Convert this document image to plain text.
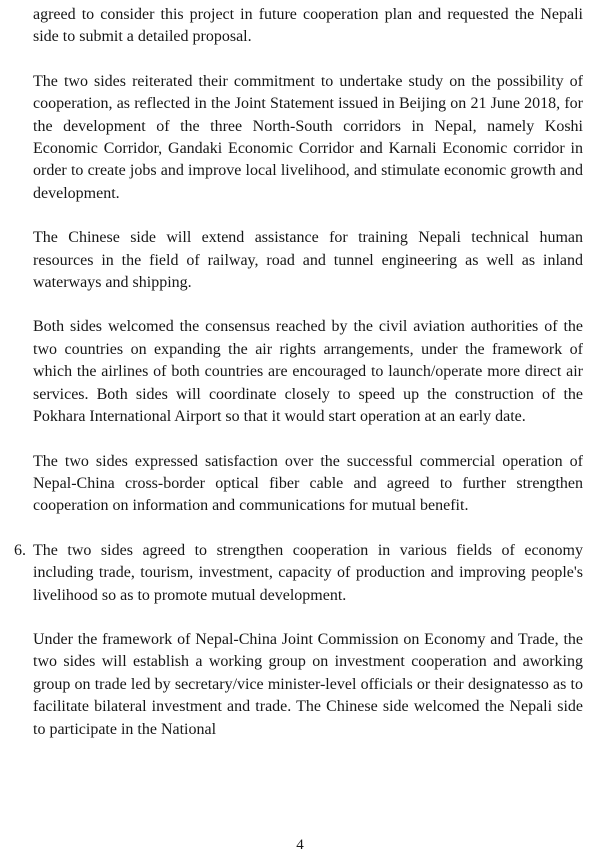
agreed to consider this project in future cooperation plan and requested the Nepali side to submit a detailed proposal.

The two sides reiterated their commitment to undertake study on the possibility of cooperation, as reflected in the Joint Statement issued in Beijing on 21 June 2018, for the development of the three North-South corridors in Nepal, namely Koshi Economic Corridor, Gandaki Economic Corridor and Karnali Economic corridor in order to create jobs and improve local livelihood, and stimulate economic growth and development.

The Chinese side will extend assistance for training Nepali technical human resources in the field of railway, road and tunnel engineering as well as inland waterways and shipping.

Both sides welcomed the consensus reached by the civil aviation authorities of the two countries on expanding the air rights arrangements, under the framework of which the airlines of both countries are encouraged to launch/operate more direct air services. Both sides will coordinate closely to speed up the construction of the Pokhara International Airport so that it would start operation at an early date.

The two sides expressed satisfaction over the successful commercial operation of Nepal-China cross-border optical fiber cable and agreed to further strengthen cooperation on information and communications for mutual benefit.

6. The two sides agreed to strengthen cooperation in various fields of economy including trade, tourism, investment, capacity of production and improving people's livelihood so as to promote mutual development.

Under the framework of Nepal-China Joint Commission on Economy and Trade, the two sides will establish a working group on investment cooperation and aworking group on trade led by secretary/vice minister-level officials or their designatesso as to facilitate bilateral investment and trade. The Chinese side welcomed the Nepali side to participate in the National

4
